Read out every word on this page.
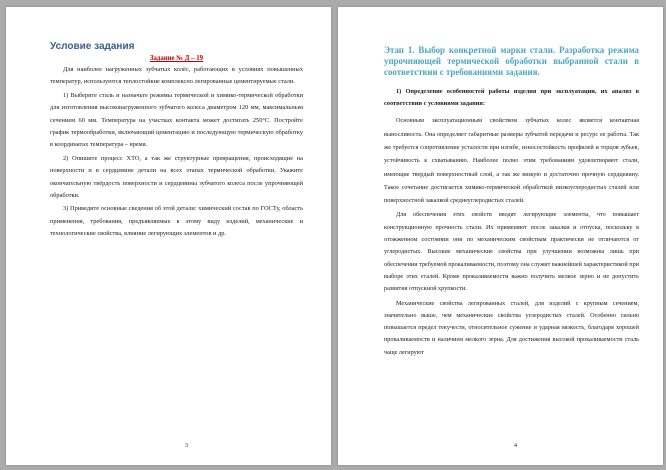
Условие задания

Задание № Д – 19

Для наиболее нагруженных зубчатых колёс, работающих в условиях повышенных температур, используются теплостойкие комплексно легированные цементируемые стали.

1) Выберите сталь и назначьте режимы термической и химико-термической обработки для изготовления высоконагруженного зубчатого колеса диаметром 120 мм, максимальным сечением 60 мм. Температура на участках контакта может достигать 250°С. Постройте график термообработки, включающий цементацию и последующую термическую обработку в координатах температура – время.

2) Опишите процесс ХТО, а так же структурные превращения, происходящие на поверхности и в сердцевине детали на всех этапах термической обработки. Укажите окончательную твёрдость поверхности и сердцевины зубчатого колеса после упрочняющей обработки.

3) Приведите основные сведения об этой детали: химический состав по ГОСТу, область применения, требования, предъявляемые к этому виду изделий, механические и технологические свойства, влияние легирующих элементов и др.

3

Этап 1. Выбор конкретной марки стали. Разработка режима упрочняющей термической обработки выбранной стали в соответствии с требованиями задания.

1) Определение особенностей работы изделия при эксплуатации, их анализ в соответствии с условиями задания:

Основным эксплуатационным свойством зубчатых колес является контактная выносливость. Она определяет габаритные размеры зубчатой передачи и ресурс ее работы. Так же требуется сопротивление усталости при изгибе, износостойкость профилей и торцов зубьев, устойчивость к схватыванию. Наиболее полно этим требованиям удовлетворяют стали, имеющие твердый поверхностный слой, а так же вязкую и достаточно прочную сердцевину. Такое сочетание достигается химико-термической обработкой низкоуглеродистых сталей или поверхностной закалкой среднеуглеродистых сталей.

Для обеспечения этих свойств вводят легирующие элементы, что повышает конструкционную прочность стали. Их применяют после закалки и отпуска, поскольку в отожженном состоянии они по механическим свойствам практически не отличаются от углеродистых. Высокие механические свойства при улучшении возможны лишь при обеспечении требуемой прокаливаемости, поэтому она служит важнейшей характеристикой при выборе этих сталей. Кроме прокаливаемости важно получить мелкое зерно и не допустить развития отпускной хрупкости.

Механические свойства легированных сталей, для изделий с крупным сечением, значительно выше, чем механические свойства углеродистых сталей. Особенно сильно повышается предел текучести, относительное сужение и ударная вязкость, благодаря хорошей прокаливаемости и наличием мелкого зерна. Для достижения высокой прокаливаемости сталь чаще легируют

4
